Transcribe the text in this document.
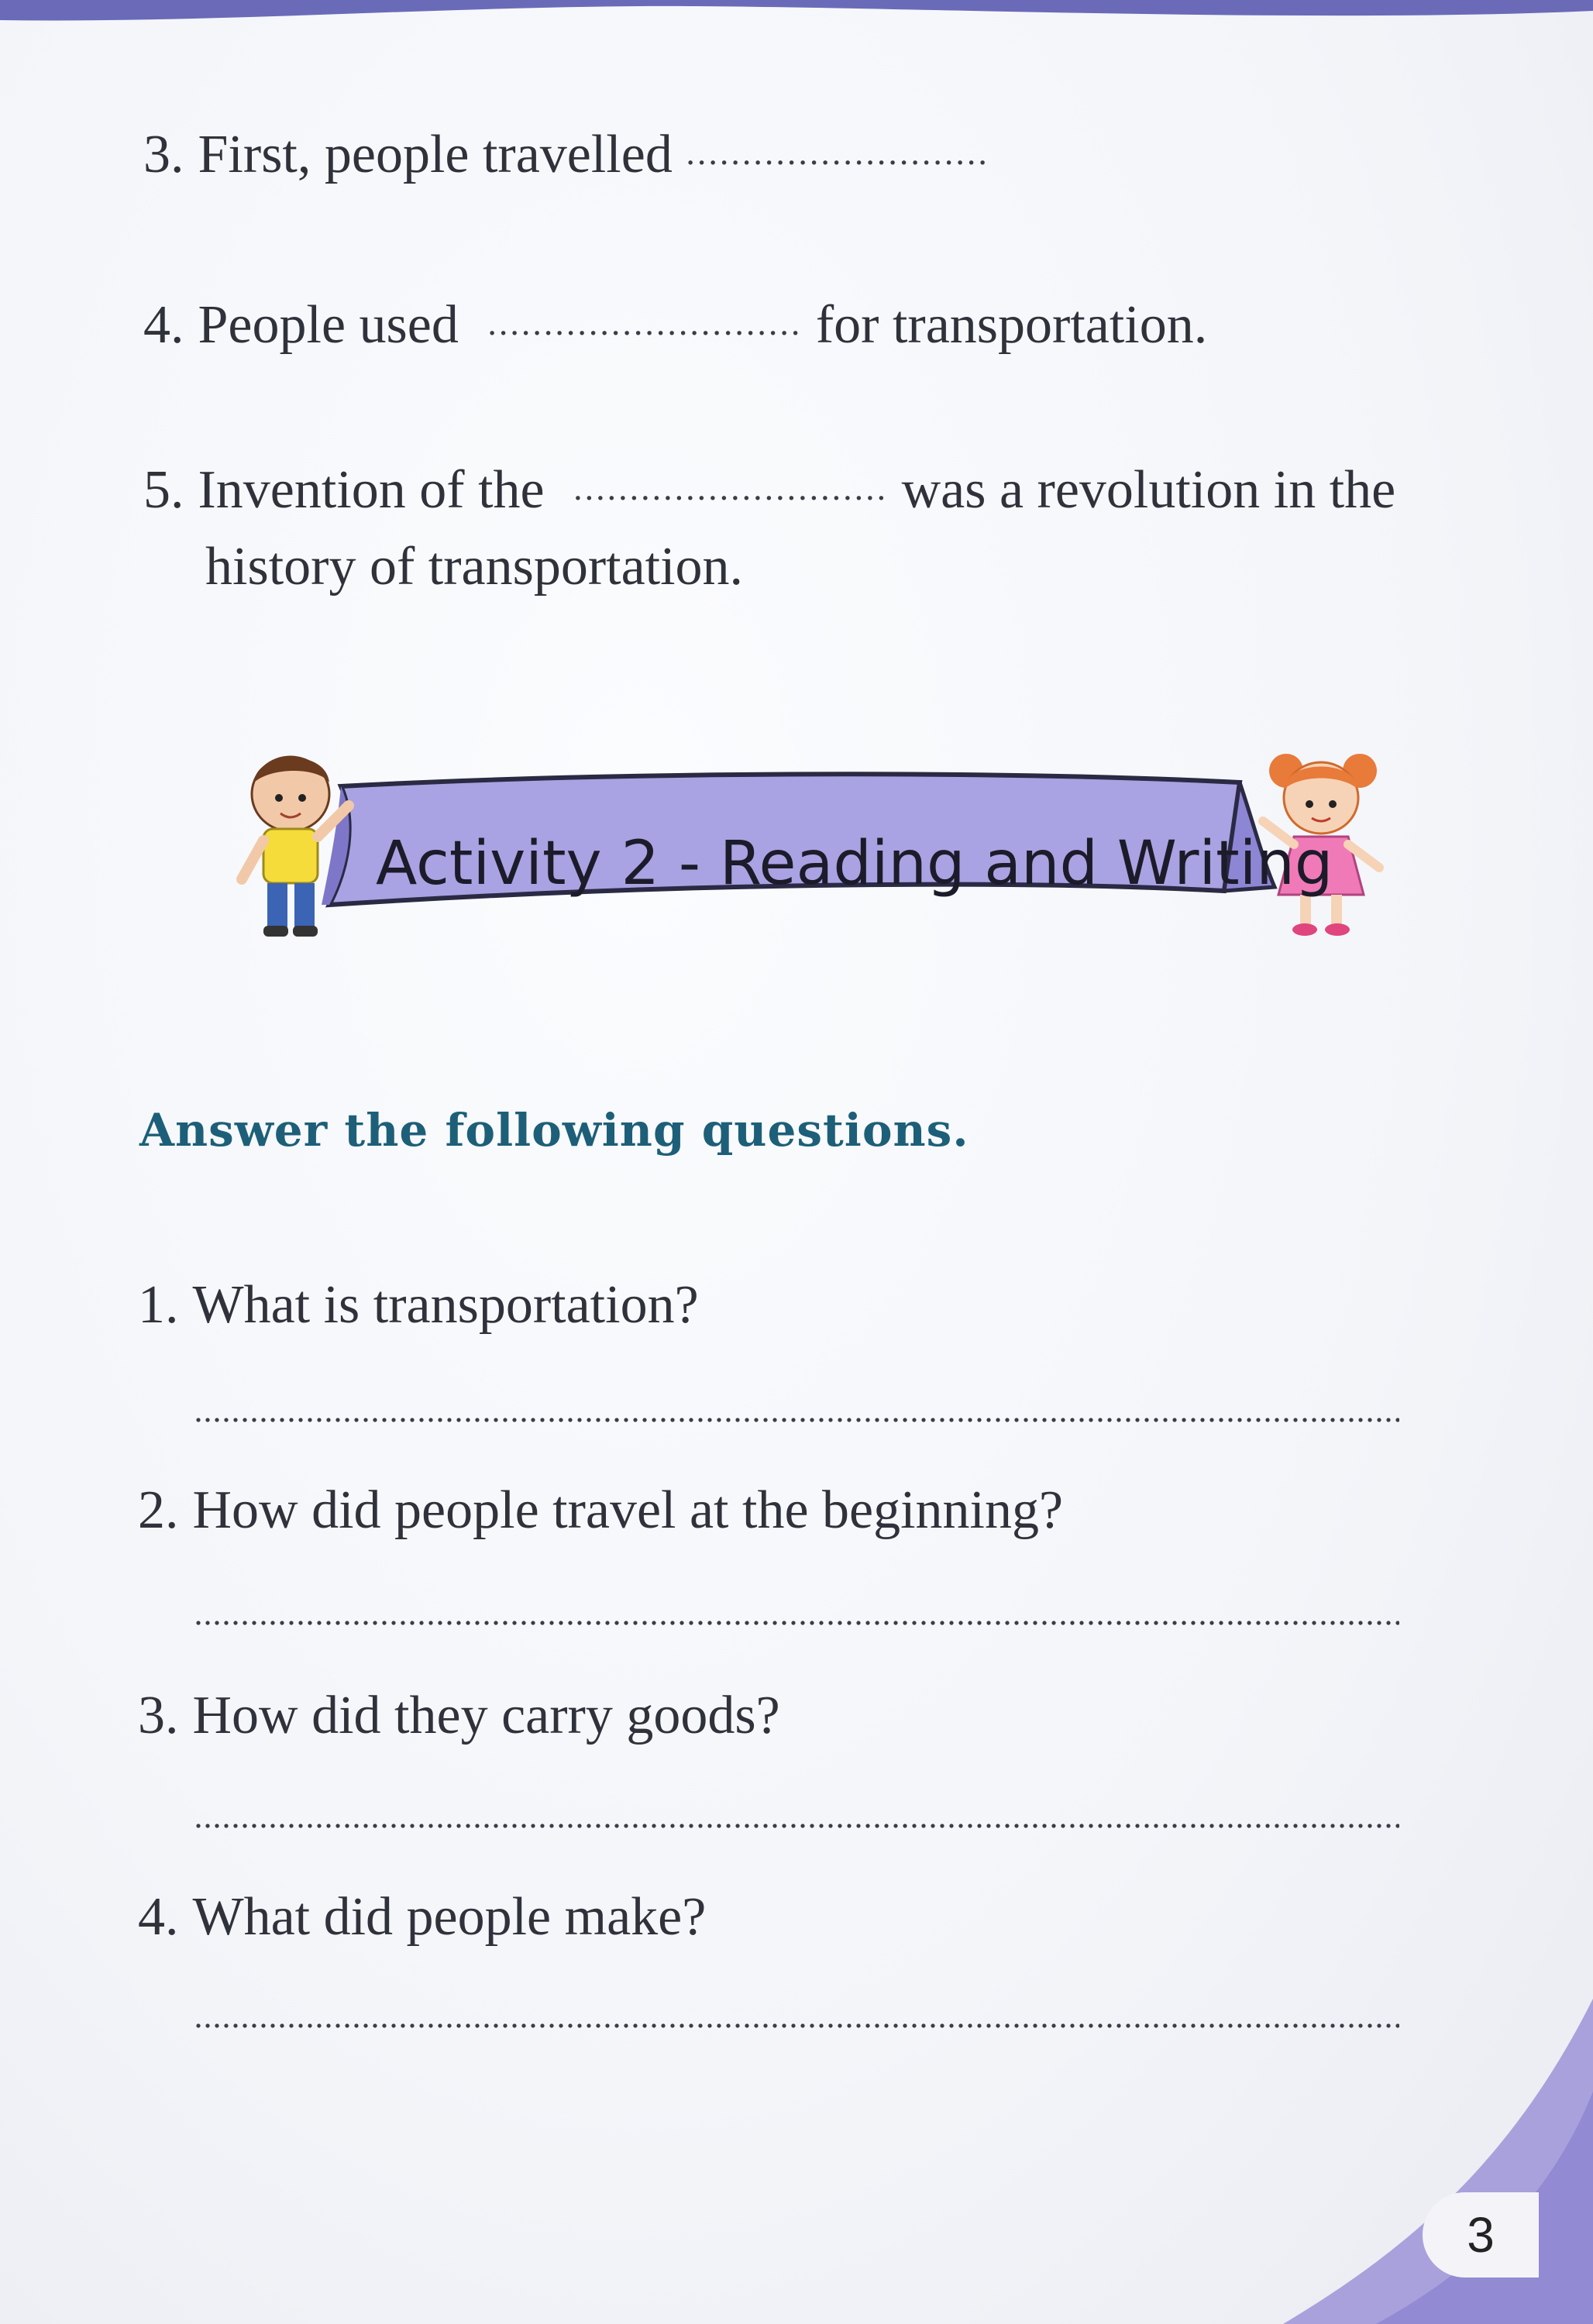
3. First, people travelled ...........................
4. People used ............................ for transportation.
5. Invention of the ............................ was a revolution in the
history of transportation.
Activity 2 - Reading and Writing
Answer the following questions.
1. What is transportation?
2. How did people travel at the beginning?
3. How did they carry goods?
4. What did people make?
3
